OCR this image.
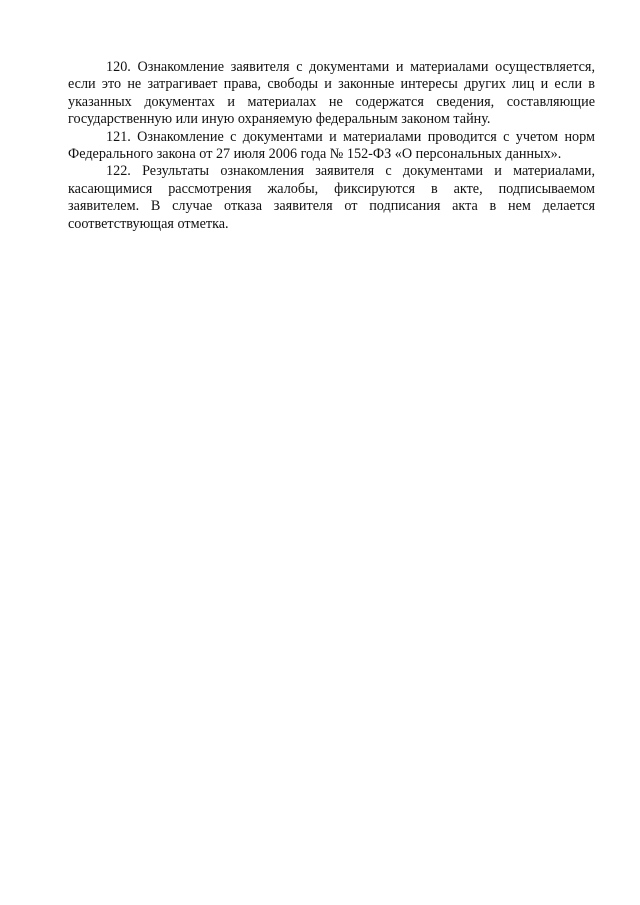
120. Ознакомление заявителя с документами и материалами осуществляется, если это не затрагивает права, свободы и законные интересы других лиц и если в указанных документах и материалах не содержатся сведения, составляющие государственную или иную охраняемую федеральным законом тайну.

121. Ознакомление с документами и материалами проводится с учетом норм Федерального закона от 27 июля 2006 года № 152-ФЗ «О персональных данных».

122. Результаты ознакомления заявителя с документами и материалами, касающимися рассмотрения жалобы, фиксируются в акте, подписываемом заявителем. В случае отказа заявителя от подписания акта в нем делается соответствующая отметка.
